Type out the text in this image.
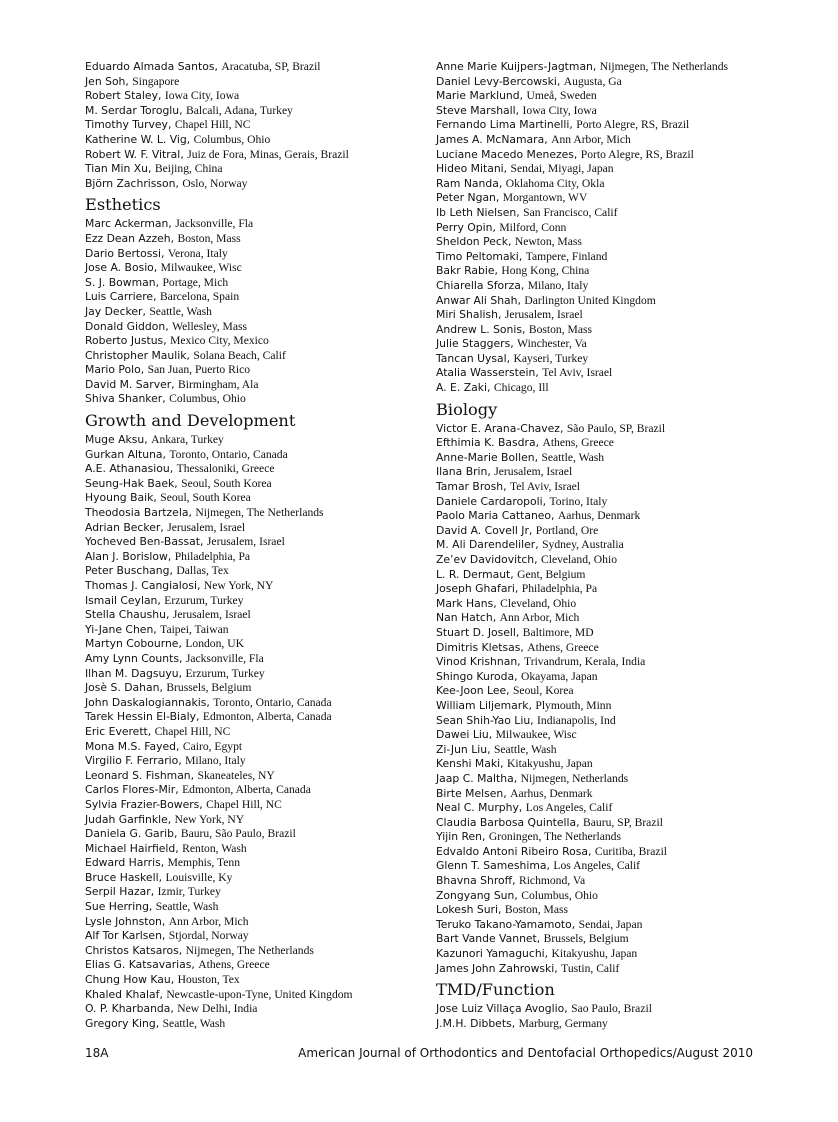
Eduardo Almada Santos, Aracatuba, SP, Brazil
Jen Soh, Singapore
Robert Staley, Iowa City, Iowa
M. Serdar Toroglu, Balcali, Adana, Turkey
Timothy Turvey, Chapel Hill, NC
Katherine W. L. Vig, Columbus, Ohio
Robert W. F. Vitral, Juiz de Fora, Minas, Gerais, Brazil
Tian Min Xu, Beijing, China
Björn Zachrisson, Oslo, Norway
Esthetics
Marc Ackerman, Jacksonville, Fla
Ezz Dean Azzeh, Boston, Mass
Dario Bertossi, Verona, Italy
Jose A. Bosio, Milwaukee, Wisc
S. J. Bowman, Portage, Mich
Luis Carriere, Barcelona, Spain
Jay Decker, Seattle, Wash
Donald Giddon, Wellesley, Mass
Roberto Justus, Mexico City, Mexico
Christopher Maulik, Solana Beach, Calif
Mario Polo, San Juan, Puerto Rico
David M. Sarver, Birmingham, Ala
Shiva Shanker, Columbus, Ohio
Growth and Development
Muge Aksu, Ankara, Turkey
Gurkan Altuna, Toronto, Ontario, Canada
A.E. Athanasiou, Thessaloniki, Greece
Seung-Hak Baek, Seoul, South Korea
Hyoung Baik, Seoul, South Korea
Theodosia Bartzela, Nijmegen, The Netherlands
Adrian Becker, Jerusalem, Israel
Yocheved Ben-Bassat, Jerusalem, Israel
Alan J. Borislow, Philadelphia, Pa
Peter Buschang, Dallas, Tex
Thomas J. Cangialosi, New York, NY
Ismail Ceylan, Erzurum, Turkey
Stella Chaushu, Jerusalem, Israel
Yi-Jane Chen, Taipei, Taiwan
Martyn Cobourne, London, UK
Amy Lynn Counts, Jacksonville, Fla
Ilhan M. Dagsuyu, Erzurum, Turkey
Josè S. Dahan, Brussels, Belgium
John Daskalogiannakis, Toronto, Ontario, Canada
Tarek Hessin El-Bialy, Edmonton, Alberta, Canada
Eric Everett, Chapel Hill, NC
Mona M.S. Fayed, Cairo, Egypt
Virgilio F. Ferrario, Milano, Italy
Leonard S. Fishman, Skaneateles, NY
Carlos Flores-Mir, Edmonton, Alberta, Canada
Sylvia Frazier-Bowers, Chapel Hill, NC
Judah Garfinkle, New York, NY
Daniela G. Garib, Bauru, São Paulo, Brazil
Michael Hairfield, Renton, Wash
Edward Harris, Memphis, Tenn
Bruce Haskell, Louisville, Ky
Serpil Hazar, Izmir, Turkey
Sue Herring, Seattle, Wash
Lysle Johnston, Ann Arbor, Mich
Alf Tor Karlsen, Stjordal, Norway
Christos Katsaros, Nijmegen, The Netherlands
Elias G. Katsavarias, Athens, Greece
Chung How Kau, Houston, Tex
Khaled Khalaf, Newcastle-upon-Tyne, United Kingdom
O. P. Kharbanda, New Delhi, India
Gregory King, Seattle, Wash
Anne Marie Kuijpers-Jagtman, Nijmegen, The Netherlands
Daniel Levy-Bercowski, Augusta, Ga
Marie Marklund, Umeå, Sweden
Steve Marshall, Iowa City, Iowa
Fernando Lima Martinelli, Porto Alegre, RS, Brazil
James A. McNamara, Ann Arbor, Mich
Luciane Macedo Menezes, Porto Alegre, RS, Brazil
Hideo Mitani, Sendai, Miyagi, Japan
Ram Nanda, Oklahoma City, Okla
Peter Ngan, Morgantown, WV
Ib Leth Nielsen, San Francisco, Calif
Perry Opin, Milford, Conn
Sheldon Peck, Newton, Mass
Timo Peltomaki, Tampere, Finland
Bakr Rabie, Hong Kong, China
Chiarella Sforza, Milano, Italy
Anwar Ali Shah, Darlington United Kingdom
Miri Shalish, Jerusalem, Israel
Andrew L. Sonis, Boston, Mass
Julie Staggers, Winchester, Va
Tancan Uysal, Kayseri, Turkey
Atalia Wasserstein, Tel Aviv, Israel
A. E. Zaki, Chicago, Ill
Biology
Victor E. Arana-Chavez, São Paulo, SP, Brazil
Efthimia K. Basdra, Athens, Greece
Anne-Marie Bollen, Seattle, Wash
Ilana Brin, Jerusalem, Israel
Tamar Brosh, Tel Aviv, Israel
Daniele Cardaropoli, Torino, Italy
Paolo Maria Cattaneo, Aarhus, Denmark
David A. Covell Jr, Portland, Ore
M. Ali Darendeliler, Sydney, Australia
Ze’ev Davidovitch, Cleveland, Ohio
L. R. Dermaut, Gent, Belgium
Joseph Ghafari, Philadelphia, Pa
Mark Hans, Cleveland, Ohio
Nan Hatch, Ann Arbor, Mich
Stuart D. Josell, Baltimore, MD
Dimitris Kletsas, Athens, Greece
Vinod Krishnan, Trivandrum, Kerala, India
Shingo Kuroda, Okayama, Japan
Kee-Joon Lee, Seoul, Korea
William Liljemark, Plymouth, Minn
Sean Shih-Yao Liu, Indianapolis, Ind
Dawei Liu, Milwaukee, Wisc
Zi-Jun Liu, Seattle, Wash
Kenshi Maki, Kitakyushu, Japan
Jaap C. Maltha, Nijmegen, Netherlands
Birte Melsen, Aarhus, Denmark
Neal C. Murphy, Los Angeles, Calif
Claudia Barbosa Quintella, Bauru, SP, Brazil
Yijin Ren, Groningen, The Netherlands
Edvaldo Antoni Ribeiro Rosa, Curitiba, Brazil
Glenn T. Sameshima, Los Angeles, Calif
Bhavna Shroff, Richmond, Va
Zongyang Sun, Columbus, Ohio
Lokesh Suri, Boston, Mass
Teruko Takano-Yamamoto, Sendai, Japan
Bart Vande Vannet, Brussels, Belgium
Kazunori Yamaguchi, Kitakyushu, Japan
James John Zahrowski, Tustin, Calif
TMD/Function
Jose Luiz Villaça Avoglio, Sao Paulo, Brazil
J.M.H. Dibbets, Marburg, Germany
18A	American Journal of Orthodontics and Dentofacial Orthopedics/August 2010
